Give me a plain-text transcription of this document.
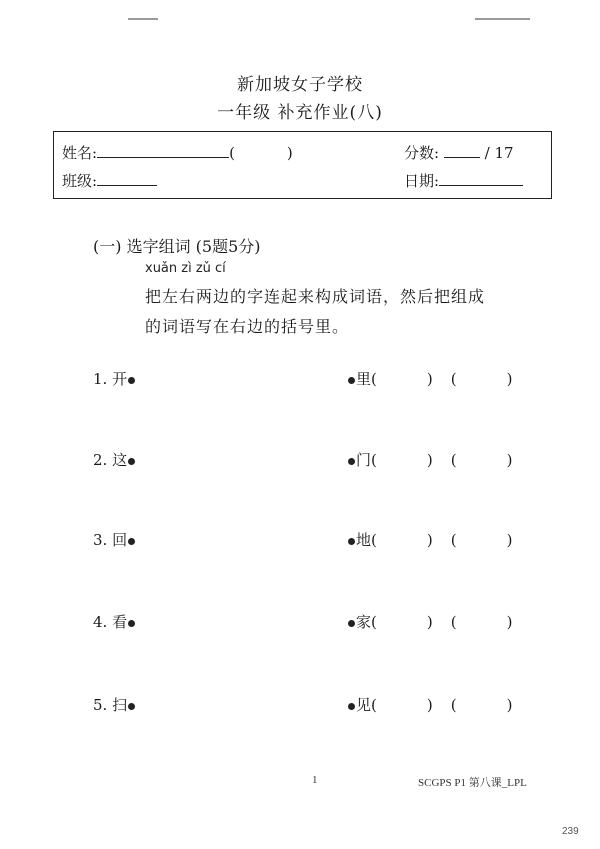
新加坡女子学校
一年级 补充作业(八)
姓名:	(	)	分数:	/ 17
班级:	日期:
(一) 选字组词 (5题5分)
xuǎn zì zǔ cí
把左右两边的字连起来构成词语，然后把组成
的词语写在右边的括号里。
1. 开	里(	) (	)
2. 这	门(	) (	)
3. 回	地(	) (	)
4. 看	家(	) (	)
5. 扫	见(	) (	)
1	SCGPS P1 第八课_LPL
239
